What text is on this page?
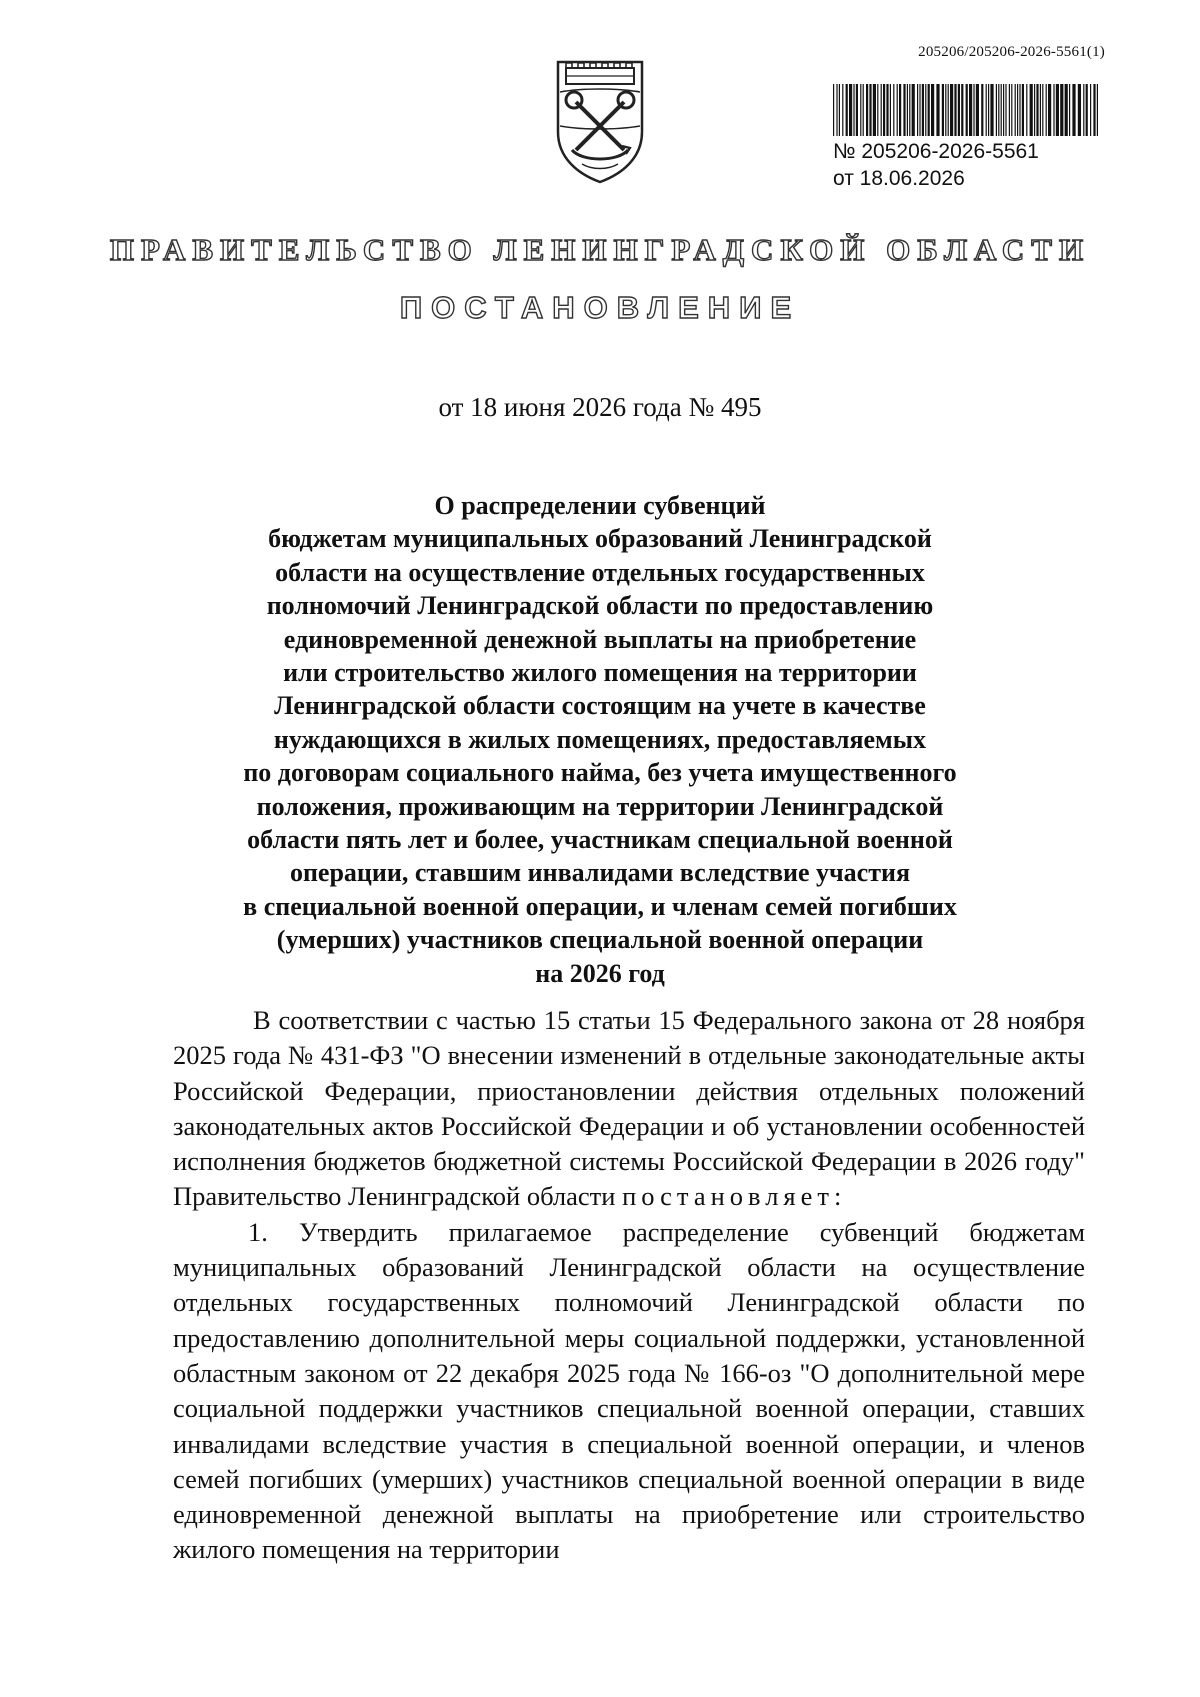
205206/205206-2026-5561(1)
№ 205206-2026-5561
от 18.06.2026
ПРАВИТЕЛЬСТВО ЛЕНИНГРАДСКОЙ ОБЛАСТИ
ПОСТАНОВЛЕНИЕ
от 18 июня 2026 года № 495
О распределении субвенций
бюджетам муниципальных образований Ленинградской
области на осуществление отдельных государственных
полномочий Ленинградской области по предоставлению
единовременной денежной выплаты на приобретение
или строительство жилого помещения на территории
Ленинградской области состоящим на учете в качестве
нуждающихся в жилых помещениях, предоставляемых
по договорам социального найма, без учета имущественного
положения, проживающим на территории Ленинградской
области пять лет и более, участникам специальной военной
операции, ставшим инвалидами вследствие участия
в специальной военной операции, и членам семей погибших
(умерших) участников специальной военной операции
на 2026 год

В соответствии с частью 15 статьи 15 Федерального закона от 28 ноября 2025 года № 431-ФЗ "О внесении изменений в отдельные законодательные акты Российской Федерации, приостановлении действия отдельных положений законодательных актов Российской Федерации и об установлении особенностей исполнения бюджетов бюджетной системы Российской Федерации в 2026 году" Правительство Ленинградской области постановляет:

1. Утвердить прилагаемое распределение субвенций бюджетам муниципальных образований Ленинградской области на осуществление отдельных государственных полномочий Ленинградской области по предоставлению дополнительной меры социальной поддержки, установленной областным законом от 22 декабря 2025 года № 166-оз "О дополнительной мере социальной поддержки участников специальной военной операции, ставших инвалидами вследствие участия в специальной военной операции, и членов семей погибших (умерших) участников специальной военной операции в виде единовременной денежной выплаты на приобретение или строительство жилого помещения на территории
